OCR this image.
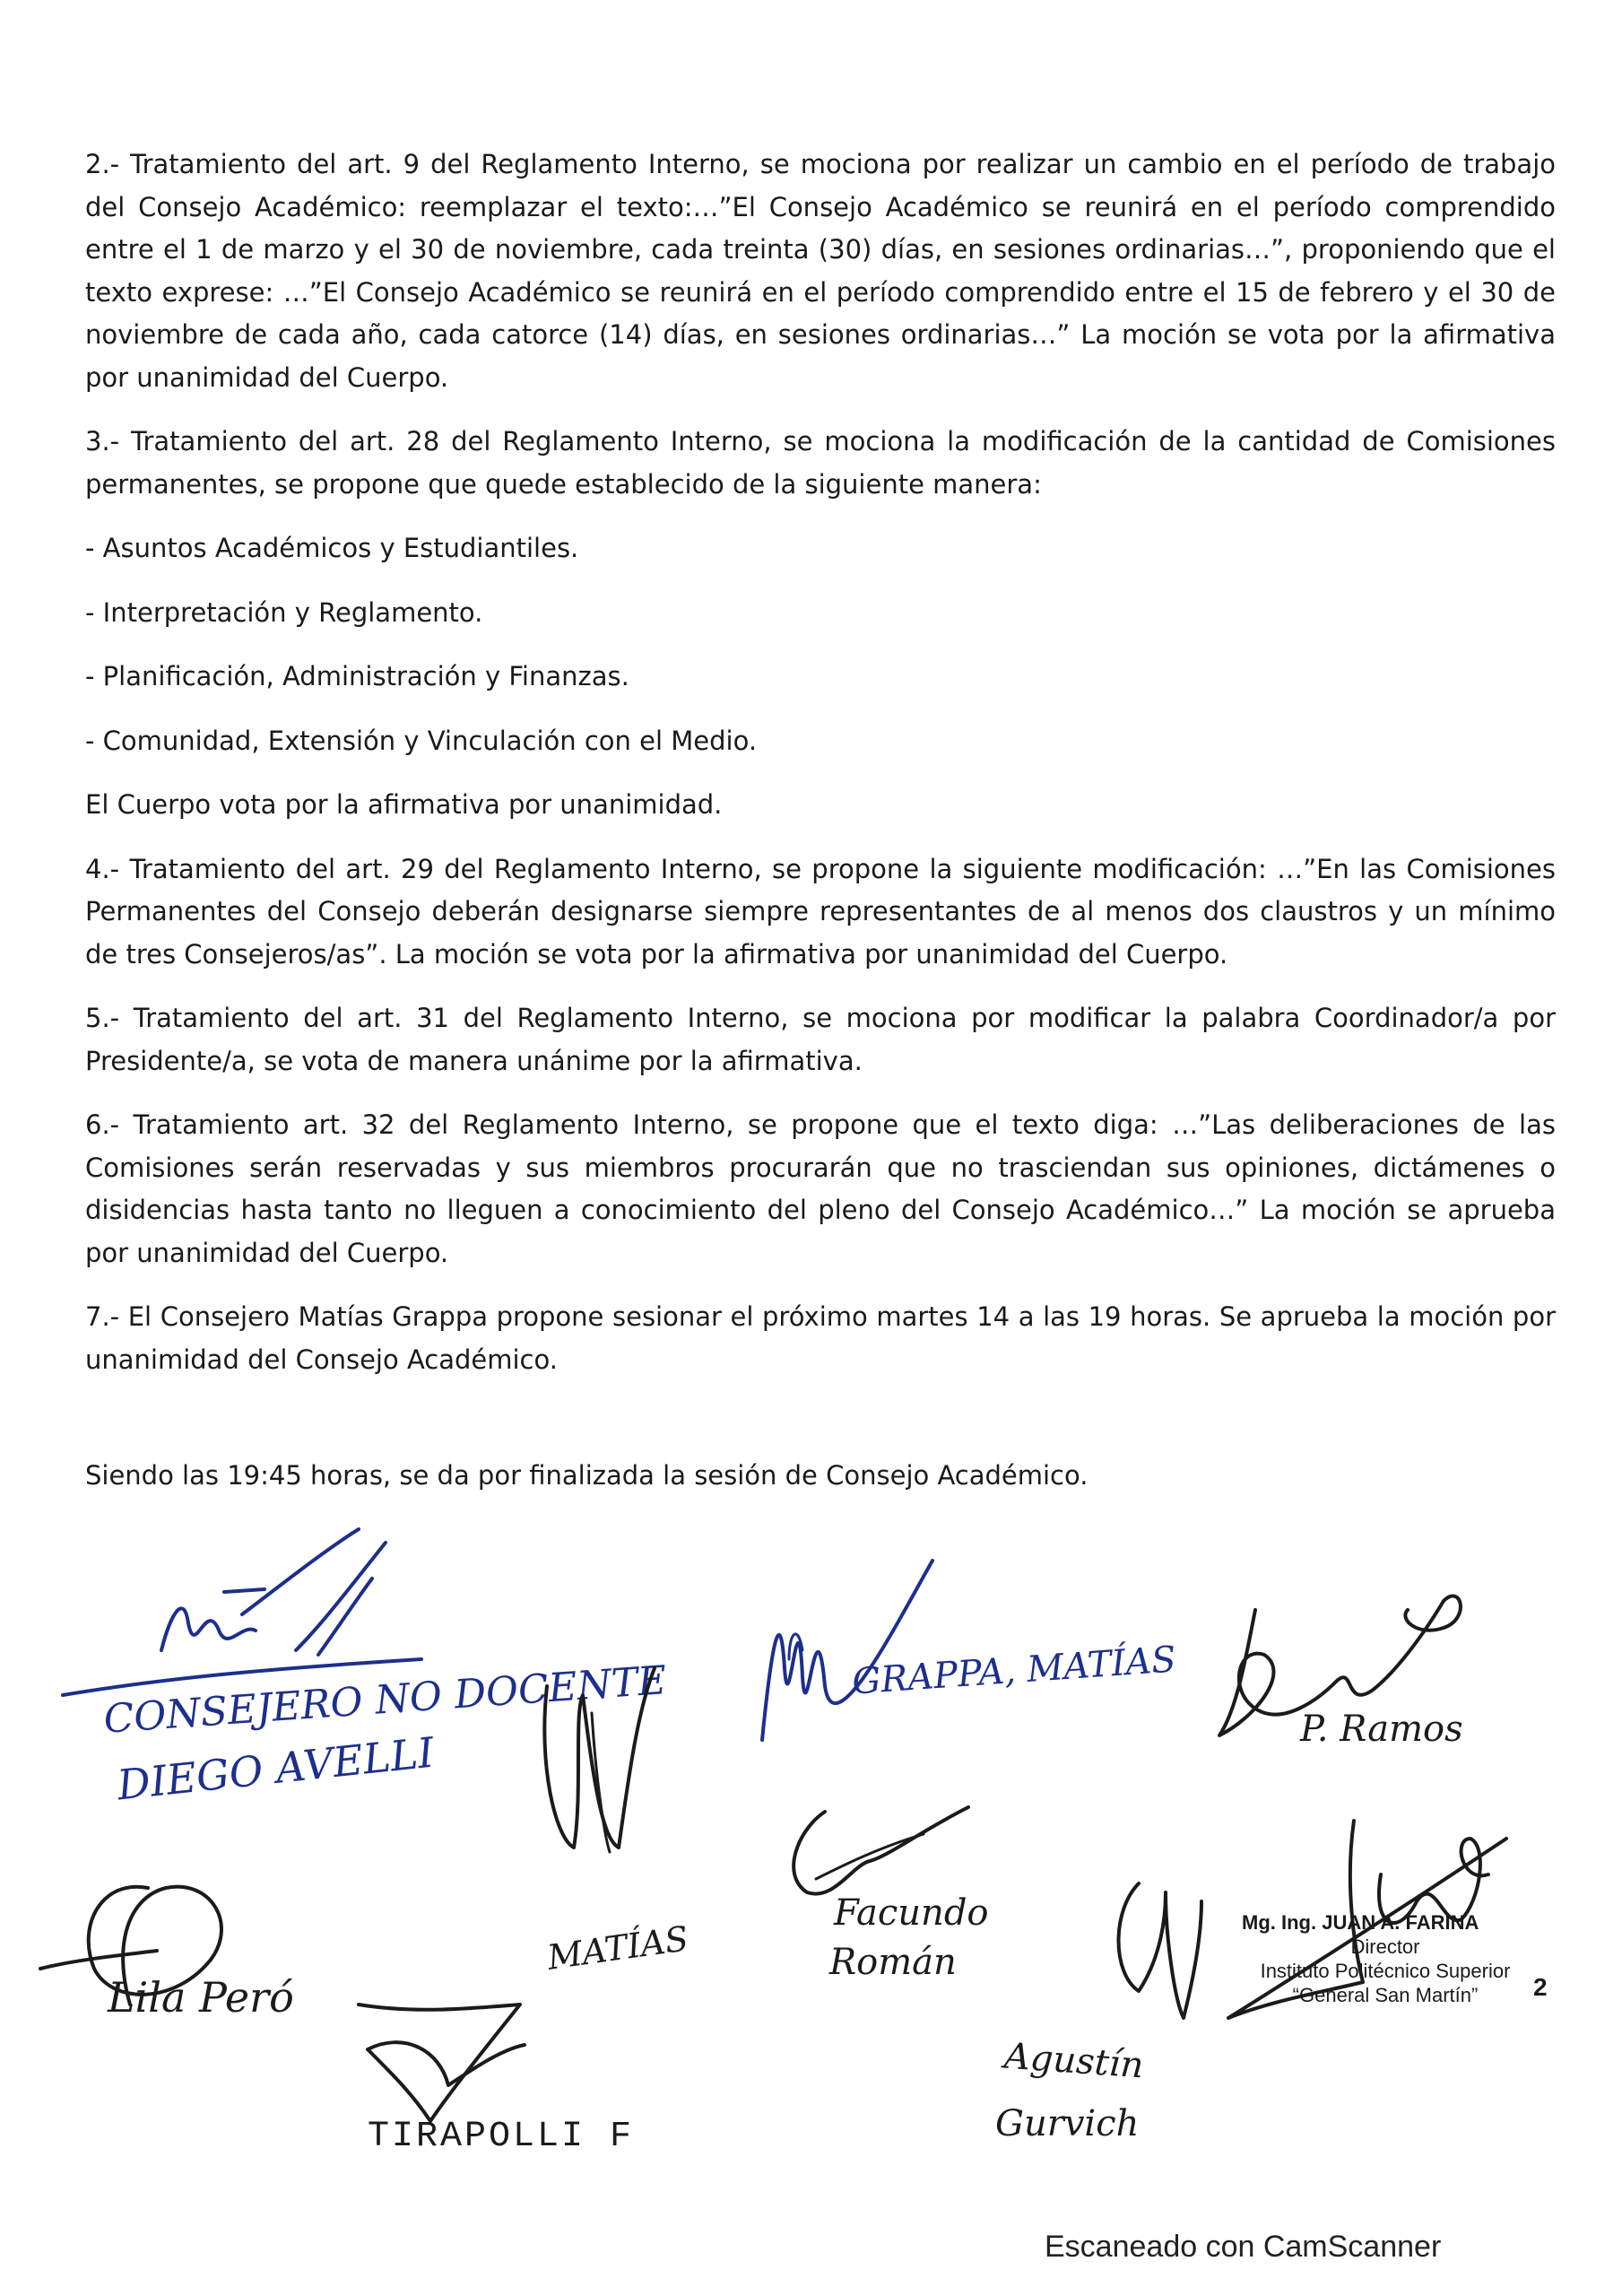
2.- Tratamiento del art. 9 del Reglamento Interno, se mociona por realizar un cambio en el período de trabajo del Consejo Académico: reemplazar el texto:…”El Consejo Académico se reunirá en el período comprendido entre el 1 de marzo y el 30 de noviembre, cada treinta (30) días, en sesiones ordinarias…”, proponiendo que el texto exprese: …”El Consejo Académico se reunirá en el período comprendido entre el 15 de febrero y el 30 de noviembre de cada año, cada catorce (14) días, en sesiones ordinarias…” La moción se vota por la afirmativa por unanimidad del Cuerpo.

3.- Tratamiento del art. 28 del Reglamento Interno, se mociona la modificación de la cantidad de Comisiones permanentes, se propone que quede establecido de la siguiente manera:

- Asuntos Académicos y Estudiantiles.

- Interpretación y Reglamento.

- Planificación, Administración y Finanzas.

- Comunidad, Extensión y Vinculación con el Medio.

El Cuerpo vota por la afirmativa por unanimidad.

4.- Tratamiento del art. 29 del Reglamento Interno, se propone la siguiente modificación: …”En las Comisiones Permanentes del Consejo deberán designarse siempre representantes de al menos dos claustros y un mínimo de tres Consejeros/as”. La moción se vota por la afirmativa por unanimidad del Cuerpo.

5.- Tratamiento del art. 31 del Reglamento Interno, se mociona por modificar la palabra Coordinador/a por Presidente/a, se vota de manera unánime por la afirmativa.

6.- Tratamiento art. 32 del Reglamento Interno, se propone que el texto diga: …”Las deliberaciones de las Comisiones serán reservadas y sus miembros procurarán que no trasciendan sus opiniones, dictámenes o disidencias hasta tanto no lleguen a conocimiento del pleno del Consejo Académico…” La moción se aprueba por unanimidad del Cuerpo.

7.- El Consejero Matías Grappa propone sesionar el próximo martes 14 a las 19 horas. Se aprueba la moción por unanimidad del Consejo Académico.

Siendo las 19:45 horas, se da por finalizada la sesión de Consejo Académico.
CONSEJERO NO DOCENTE
DIEGO AVELLI
GRAPPA, MATÍAS
P. Ramos
Lila Peró
MATÍAS
Facundo
Román
TIRAPOLLI F
Agustín
Gurvich
Mg. Ing. JUAN A. FARINA
Director
Instituto Politécnico Superior
“General San Martín”	2
Escaneado con CamScanner
